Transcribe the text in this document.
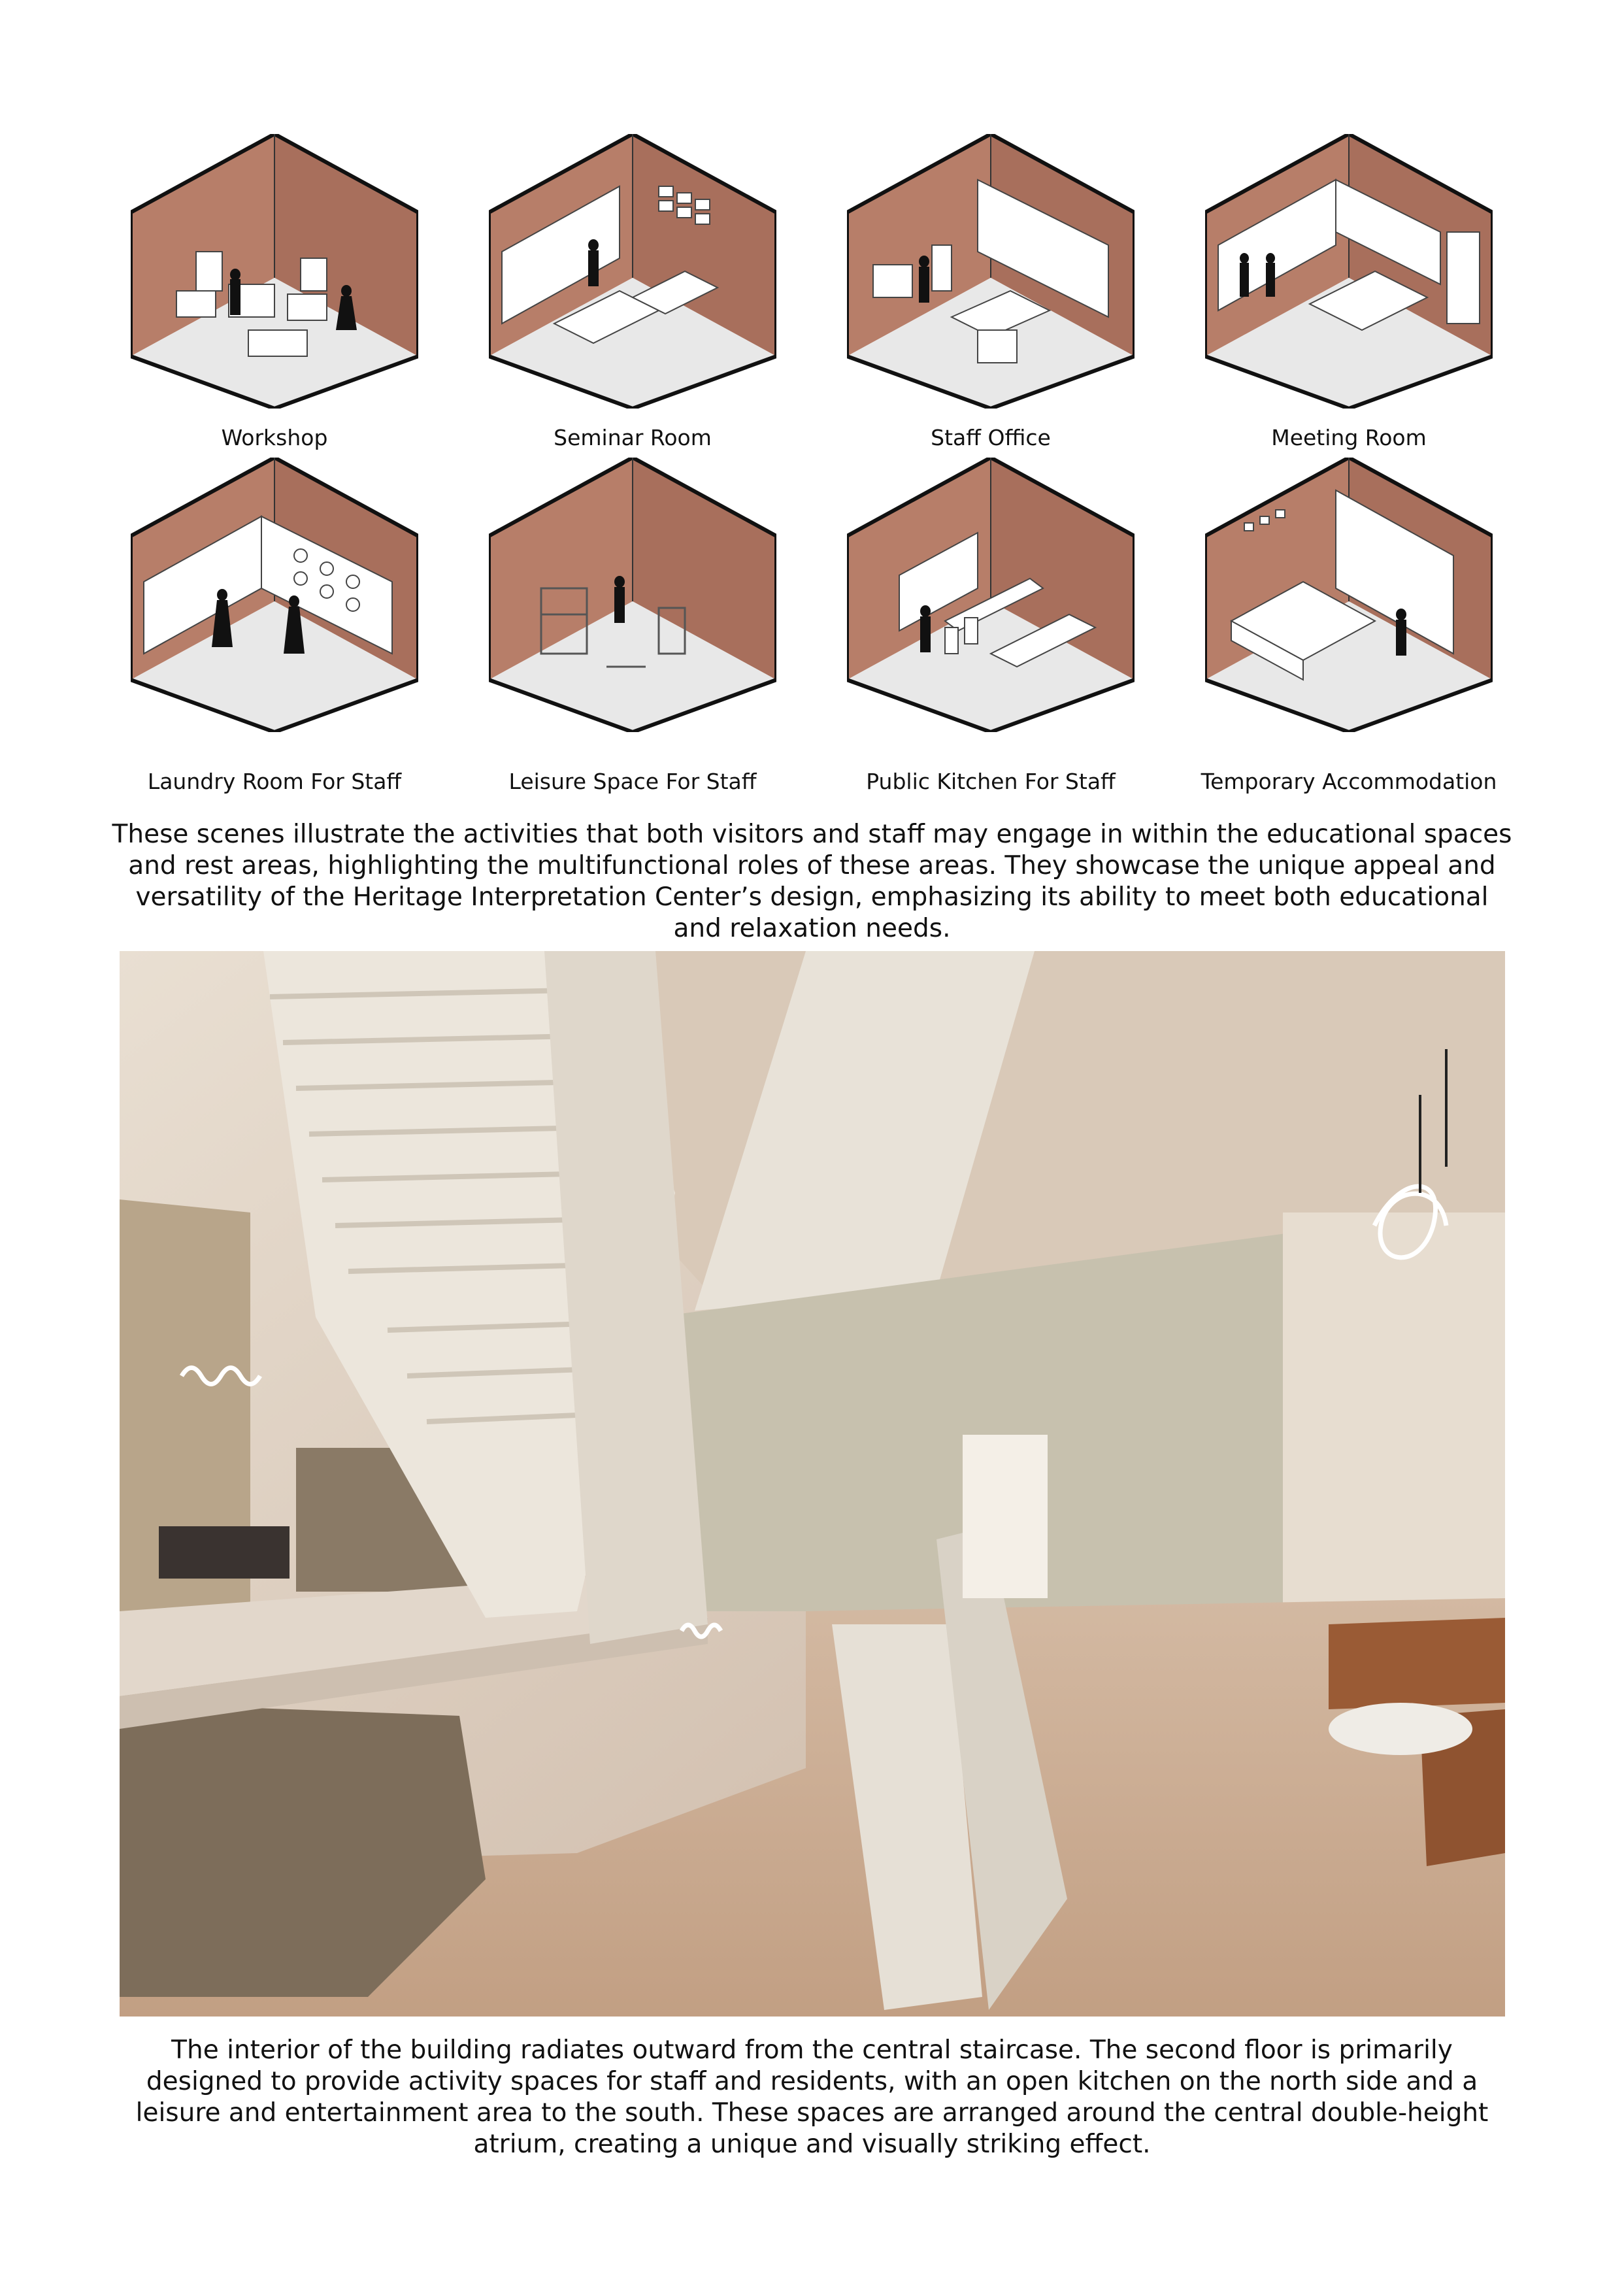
Workshop	Seminar Room	Staff Office	Meeting Room
Laundry Room For Staff	Leisure Space For Staff	Public Kitchen For Staff	Temporary Accommodation
These scenes illustrate the activities that both visitors and staff may engage in within the educational spaces and rest areas, highlighting the multifunctional roles of these areas. They showcase the unique appeal and versatility of the Heritage Interpretation Center’s design, emphasizing its ability to meet both educational and relaxation needs.
The interior of the building radiates outward from the central staircase. The second floor is primarily designed to provide activity spaces for staff and residents, with an open kitchen on the north side and a leisure and entertainment area to the south. These spaces are arranged around the central double-height atrium, creating a unique and visually striking effect.
